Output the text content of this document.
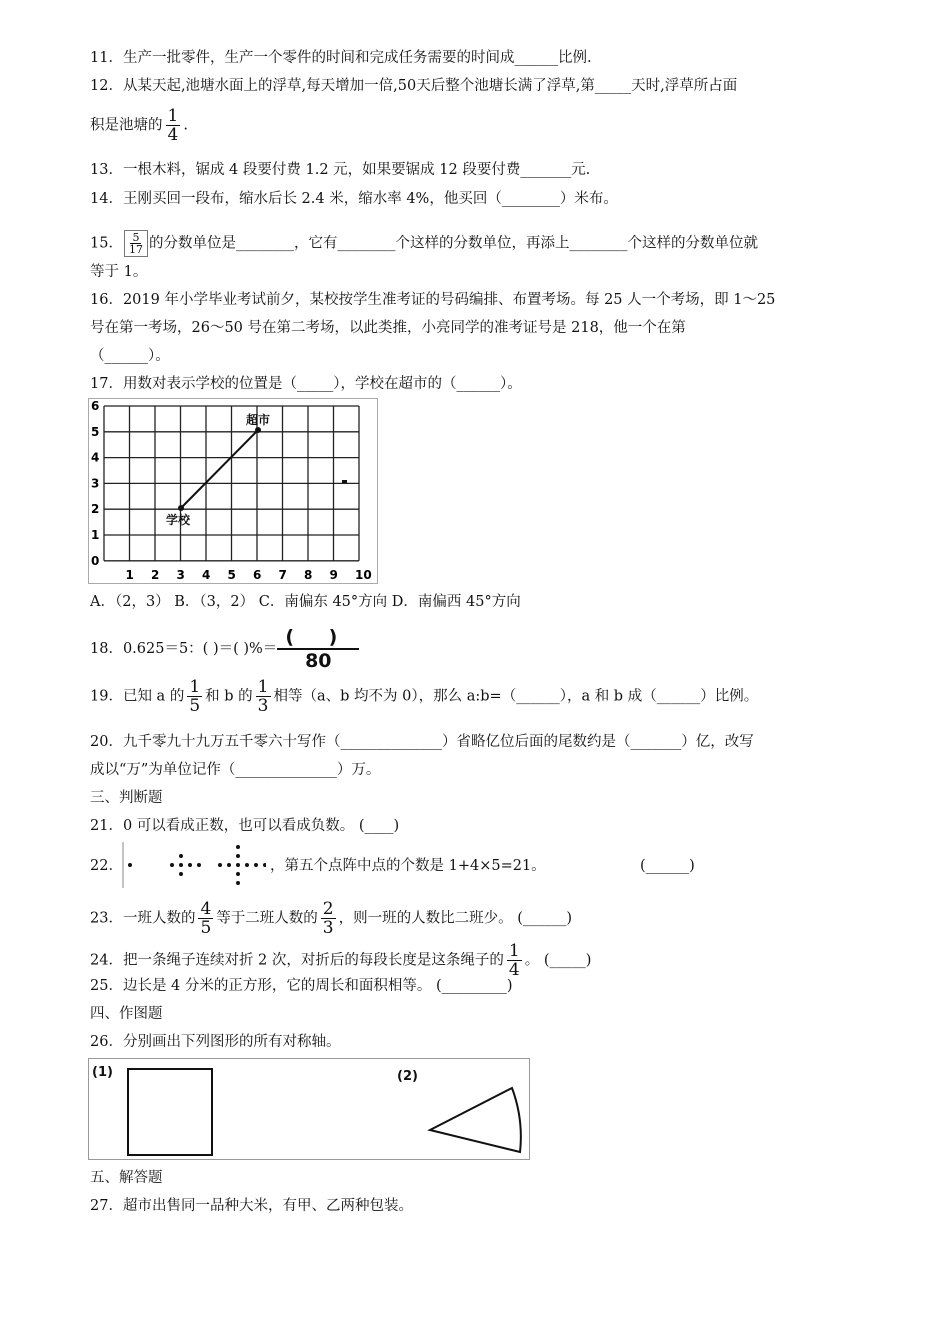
11．生产一批零件，生产一个零件的时间和完成任务需要的时间成______比例.
12．从某天起,池塘水面上的浮草,每天增加一倍,50天后整个池塘长满了浮草,第_____天时,浮草所占面
积是池塘的 $\frac{1}{4}$ .
13．一根木料，锯成 4 段要付费 1.2 元，如果要锯成 12 段要付费_______元.
14．王刚买回一段布，缩水后长 2.4 米，缩水率 4%，他买回（________）米布。
15． $\frac{5}{17}$ 的分数单位是________，它有________个这样的分数单位，再添上________个这样的分数单位就
等于 1。
16．2019 年小学毕业考试前夕，某校按学生准考证的号码编排、布置考场。每 25 人一个考场，即 1～25
号在第一考场，26～50 号在第二考场，以此类推，小亮同学的准考证号是 218，他一个在第
（______）。
17．用数对表示学校的位置是（_____），学校在超市的（______）。
1 2 3 4 5 6 7 8 9 10
0
1
2
3
4
5
6
学校
超市
A．（2，3） B．（3，2） C．南偏东 45°方向 D．南偏西 45°方向
18．0.625＝5：( )＝( )%＝
( )
80
19．已知 a 的 $\frac{1}{5}$ 和 b 的 $\frac{1}{3}$ 相等（a、b 均不为 0），那么 a:b=（______），a 和 b 成（______）比例。
20．九千零九十九万五千零六十写作（______________）省略亿位后面的尾数约是（_______）亿，改写
成以“万”为单位记作（______________）万。
三、判断题
21．0 可以看成正数，也可以看成负数。 (____)
22．	，第五个点阵中点的个数是 1+4×5=21。	(______)
23．一班人数的 $\frac{4}{5}$ 等于二班人数的 $\frac{2}{3}$ ，则一班的人数比二班少。 (______)
24．把一条绳子连续对折 2 次，对折后的每段长度是这条绳子的 $\frac{1}{4}$ 。 (_____)
25．边长是 4 分米的正方形，它的周长和面积相等。 (_________)
四、作图题
26．分别画出下列图形的所有对称轴。
(1)	(2)
五、解答题
27．超市出售同一品种大米，有甲、乙两种包装。
